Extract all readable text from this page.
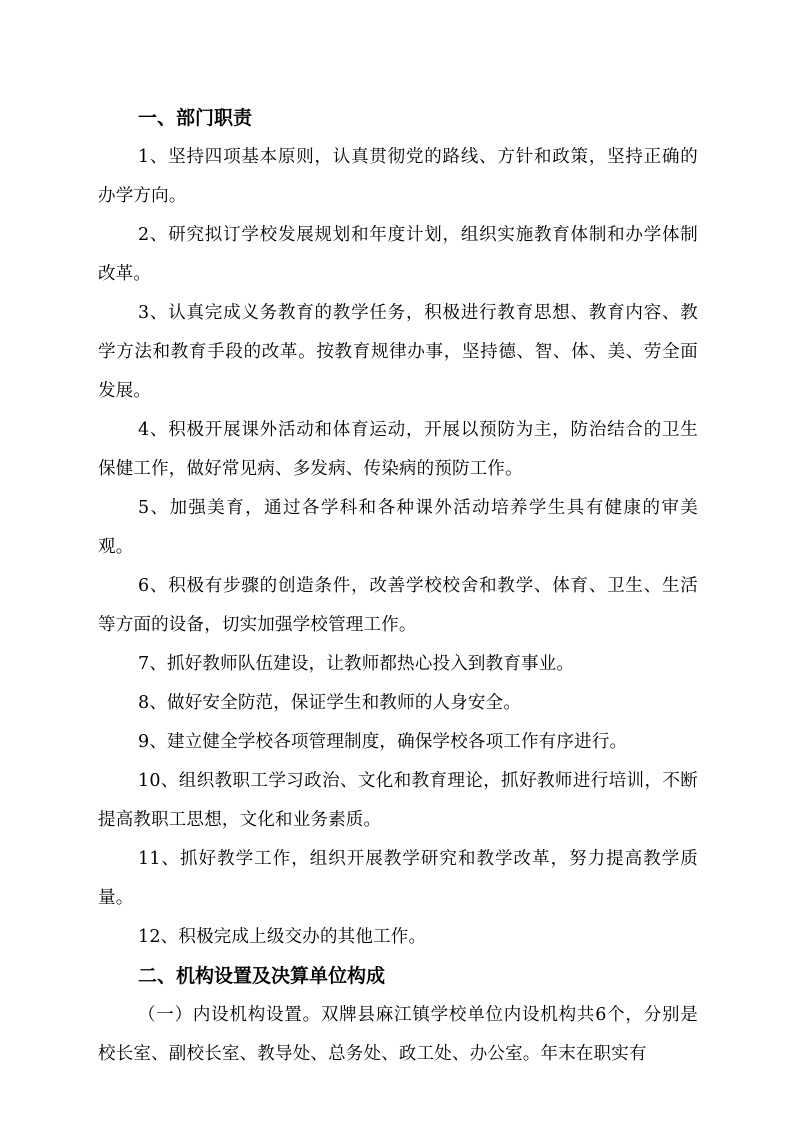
一、部门职责

1、坚持四项基本原则，认真贯彻党的路线、方针和政策，坚持正确的办学方向。

2、研究拟订学校发展规划和年度计划，组织实施教育体制和办学体制改革。

3、认真完成义务教育的教学任务，积极进行教育思想、教育内容、教学方法和教育手段的改革。按教育规律办事，坚持德、智、体、美、劳全面发展。

4、积极开展课外活动和体育运动，开展以预防为主，防治结合的卫生保健工作，做好常见病、多发病、传染病的预防工作。

5、加强美育，通过各学科和各种课外活动培养学生具有健康的审美观。

6、积极有步骤的创造条件，改善学校校舍和教学、体育、卫生、生活等方面的设备，切实加强学校管理工作。

7、抓好教师队伍建设，让教师都热心投入到教育事业。

8、做好安全防范，保证学生和教师的人身安全。

9、建立健全学校各项管理制度，确保学校各项工作有序进行。

10、组织教职工学习政治、文化和教育理论，抓好教师进行培训，不断提高教职工思想，文化和业务素质。

11、抓好教学工作，组织开展教学研究和教学改革，努力提高教学质量。

12、积极完成上级交办的其他工作。

二、机构设置及决算单位构成

（一）内设机构设置。双牌县麻江镇学校单位内设机构共6个，分别是校长室、副校长室、教导处、总务处、政工处、办公室。年末在职实有
